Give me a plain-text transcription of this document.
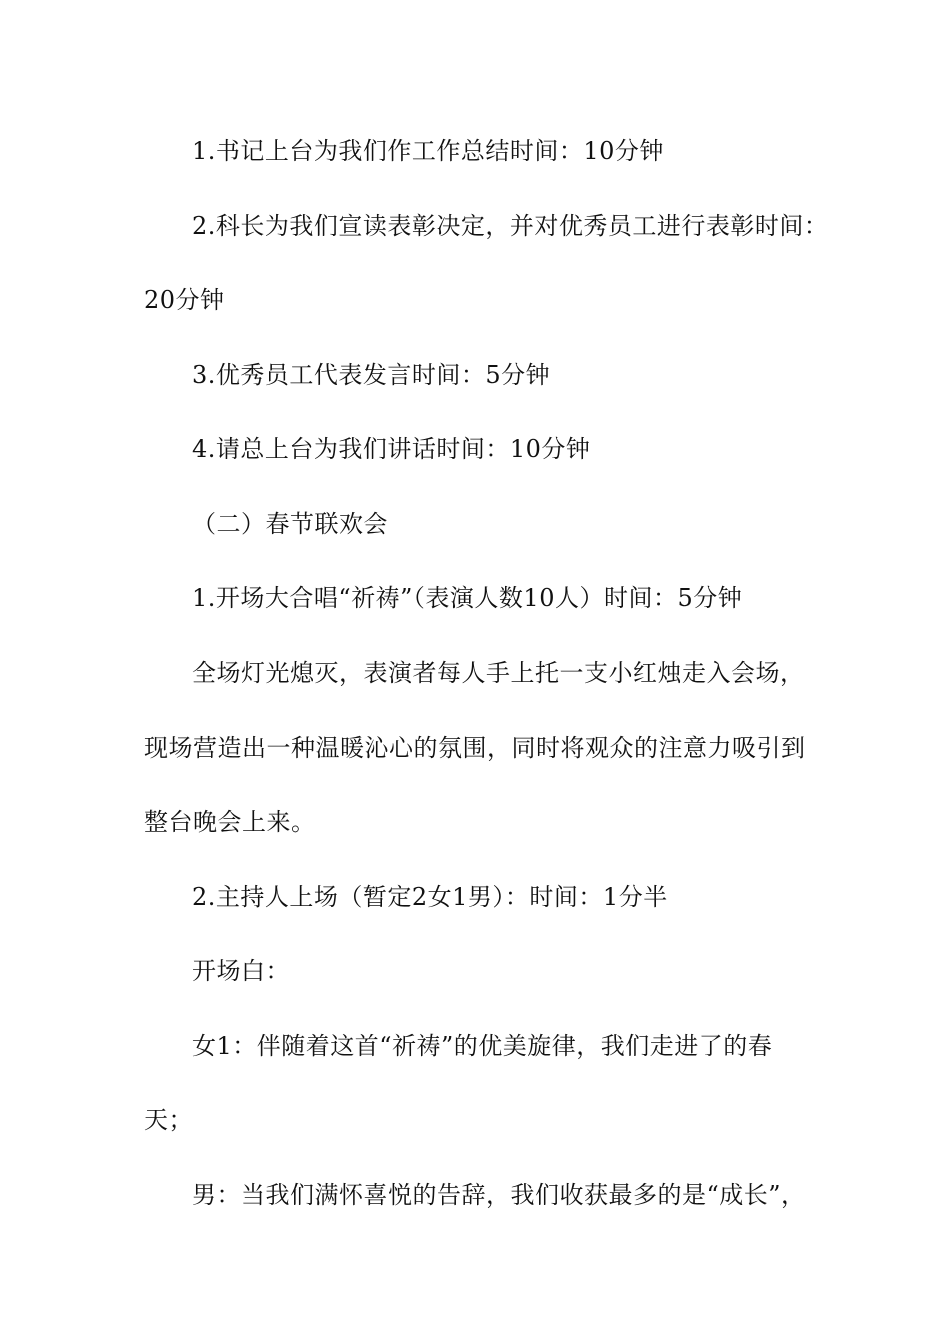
1.书记上台为我们作工作总结时间：10分钟
2.科长为我们宣读表彰决定，并对优秀员工进行表彰时间：
20分钟
3.优秀员工代表发言时间：5分钟
4.请总上台为我们讲话时间：10分钟
（二）春节联欢会
1.开场大合唱“祈祷”（表演人数10人）时间：5分钟
全场灯光熄灭，表演者每人手上托一支小红烛走入会场，
现场营造出一种温暖沁心的氛围，同时将观众的注意力吸引到
整台晚会上来。
2.主持人上场（暂定2女1男）：时间：1分半
开场白：
女1：伴随着这首“祈祷”的优美旋律，我们走进了的春
天；
男：当我们满怀喜悦的告辞，我们收获最多的是“成长”，
